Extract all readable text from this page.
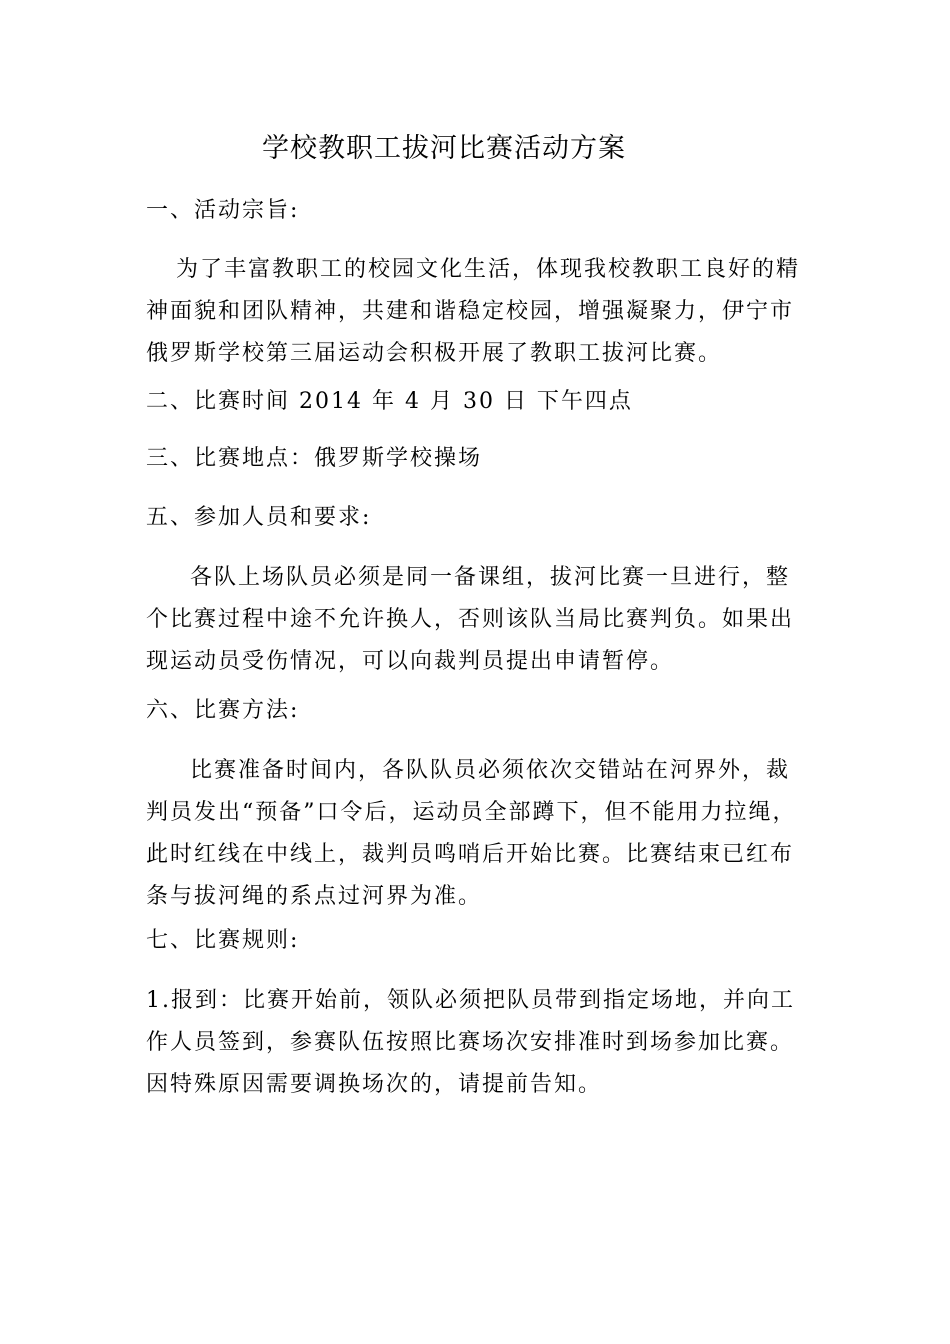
学校教职工拔河比赛活动方案
一、活动宗旨:
为了丰富教职工的校园文化生活，体现我校教职工良好的精神面貌和团队精神，共建和谐稳定校园，增强凝聚力，伊宁市俄罗斯学校第三届运动会积极开展了教职工拔河比赛。
二、比赛时间 2014 年 4 月 30 日 下午四点
三、比赛地点：俄罗斯学校操场
五、参加人员和要求:
各队上场队员必须是同一备课组，拔河比赛一旦进行，整个比赛过程中途不允许换人，否则该队当局比赛判负。如果出现运动员受伤情况，可以向裁判员提出申请暂停。
六、比赛方法:
比赛准备时间内，各队队员必须依次交错站在河界外，裁判员发出“预备”口令后，运动员全部蹲下，但不能用力拉绳，此时红线在中线上，裁判员鸣哨后开始比赛。比赛结束已红布条与拔河绳的系点过河界为准。
七、比赛规则:
1.报到：比赛开始前，领队必须把队员带到指定场地，并向工作人员签到，参赛队伍按照比赛场次安排准时到场参加比赛。因特殊原因需要调换场次的，请提前告知。
